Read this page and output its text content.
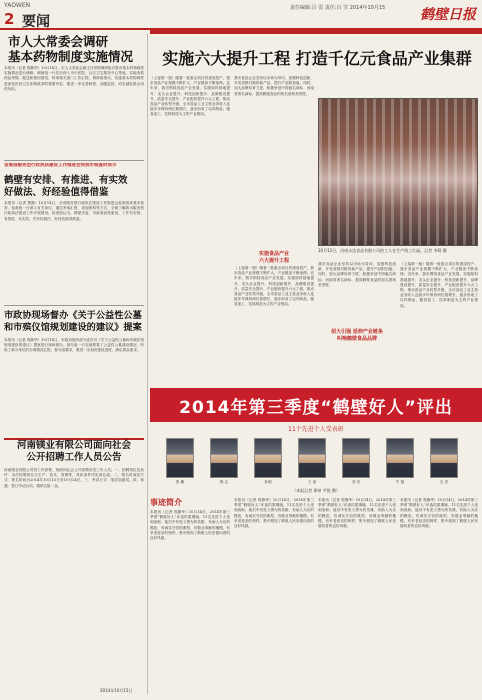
YAOWEN
2 要闻
责任编辑:吕 雷 责任:白 雪 2014年10月15 鹤壁日报
市人大常委会调研
基本药物制度实施情况
本报讯（记者 郭静华）10月14日，市人大常委会副主任带领调研组对我市基本药物制度实施情况进行调研。调研组一行先后深入市中医院、社区卫生服务中心等地，实地查看药品采购、配送和使用情况，听取相关部门工作汇报。调研组指出，实施基本药物制度是深化医药卫生体制改革的重要内容，要进一步完善制度，加强监管，切实减轻群众用药负担。
首推进服务型行政执法建设工作推进会到我市检查时表示
鹤壁有安排、有推进、有实效
好做法、好经验值得借鉴
本报讯（记者 曹静）10月14日，全省服务型行政执法建设工作推进会检查组来我市检查，检查组一行深入有关单位，通过听取汇报、查阅资料等方式，全面了解我市服务型行政执法建设工作开展情况。检查组认为，鹤壁市委、市政府高度重视，工作有安排、有推进、有实效，许多好做法、好经验值得借鉴。
市政协现场督办《关于公益性公墓
和市殡仪馆规划建设的建议》提案
本报讯（记者 郭静华）10月14日，市政协组织部分委员对《关于公益性公墓和市殡仪馆规划建设的建议》提案进行现场督办。督办组一行实地察看了公益性公墓建设情况，听取了承办单位的办理情况汇报。督办组要求，要进一步加快建设进度，满足群众需求。
河南镁业有限公司面向社会
公开招聘工作人员公告
河南镁业有限公司因工作需要，现面向社会公开招聘各类工作人员。一、招聘岗位及条件：本次招聘岗位为生产、技术、管理等，具体条件详见岗位表。二、报名时间及方式：报名时间为2014年10月15日至10月24日。三、考试方式：笔试加面试。四、待遇：签订劳动合同，缴纳五险一金。
实施六大提升工程 打造千亿元食品产业集群
（上接第一版）随着一批重点项目的建成投产，我市食品产业规模不断扩大，产业链条不断延伸。近年来，我市围绕食品产业发展，实施原料基地提升、龙头企业提升、科技创新提升、品牌建设提升、质量安全提升、产业配套提升六大工程，推动食品产业转型升级，全市食品工业主营业务收入连续多年保持两位数增长，逐步形成了以肉制品、粮食加工、饮料制造为主的产业格局。
我市食品企业坚持以市场为导向，加强科技创新，开发适销对路的新产品，提升产品附加值。同时，加大品牌培育力度，积极争创中国驰名商标、河南省著名商标，提高鹤壁食品的知名度和美誉度。
实施食品产业
六大提升工程
（上接第一版）随着一批重点项目的建成投产，我市食品产业规模不断扩大，产业链条不断延伸。近年来，我市围绕食品产业发展，实施原料基地提升、龙头企业提升、科技创新提升、品牌建设提升、质量安全提升、产业配套提升六大工程，推动食品产业转型升级，全市食品工业主营业务收入连续多年保持两位数增长，逐步形成了以肉制品、粮食加工、饮料制造为主的产业格局。
10月12日，河南永达食品有限公司的工人在生产线上忙碌。记者 李莉 摄
我市食品企业坚持以市场为导向，加强科技创新，开发适销对路的新产品，提升产品附加值。同时，加大品牌培育力度，积极争创中国驰名商标、河南省著名商标，提高鹤壁食品的知名度和美誉度。
招大引强 延伸产业链条
叫响鹤壁食品品牌
（上接第一版）随着一批重点项目的建成投产，我市食品产业规模不断扩大，产业链条不断延伸。近年来，我市围绕食品产业发展，实施原料基地提升、龙头企业提升、科技创新提升、品牌建设提升、质量安全提升、产业配套提升六大工程，推动食品产业转型升级，全市食品工业主营业务收入连续多年保持两位数增长，逐步形成了以肉制品、粮食加工、饮料制造为主的产业格局。
2014年第三季度“鹤壁好人”评出
11个先进个人受表彰
张 鹏	陈 志	孙明	王 某	刘 杰	牛 磊	石 杰
（本报记者 郑州 尹锐 摄）
事迹简介
本报讯（记者 郭静华）10月14日，2014年第三季度“鹤壁好人”评选结果揭晓，11名先进个人受到表彰。他们中有见义勇为的英雄，有助人为乐的模范，有诚实守信的典型，有敬业奉献的楷模，有孝老爱亲的榜样，集中展现了鹤壁人民崇德向善的良好风貌。
本报讯（记者 郭静华）10月14日，2014年第三季度“鹤壁好人”评选结果揭晓，11名先进个人受到表彰。他们中有见义勇为的英雄，有助人为乐的模范，有诚实守信的典型，有敬业奉献的楷模，有孝老爱亲的榜样，集中展现了鹤壁人民崇德向善的良好风貌。
本报讯（记者 郭静华）10月14日，2014年第三季度“鹤壁好人”评选结果揭晓，11名先进个人受到表彰。他们中有见义勇为的英雄，有助人为乐的模范，有诚实守信的典型，有敬业奉献的楷模，有孝老爱亲的榜样，集中展现了鹤壁人民崇德向善的良好风貌。
本报讯（记者 郭静华）10月14日，2014年第三季度“鹤壁好人”评选结果揭晓，11名先进个人受到表彰。他们中有见义勇为的英雄，有助人为乐的模范，有诚实守信的典型，有敬业奉献的楷模，有孝老爱亲的榜样，集中展现了鹤壁人民崇德向善的良好风貌。
2014年10月15日
